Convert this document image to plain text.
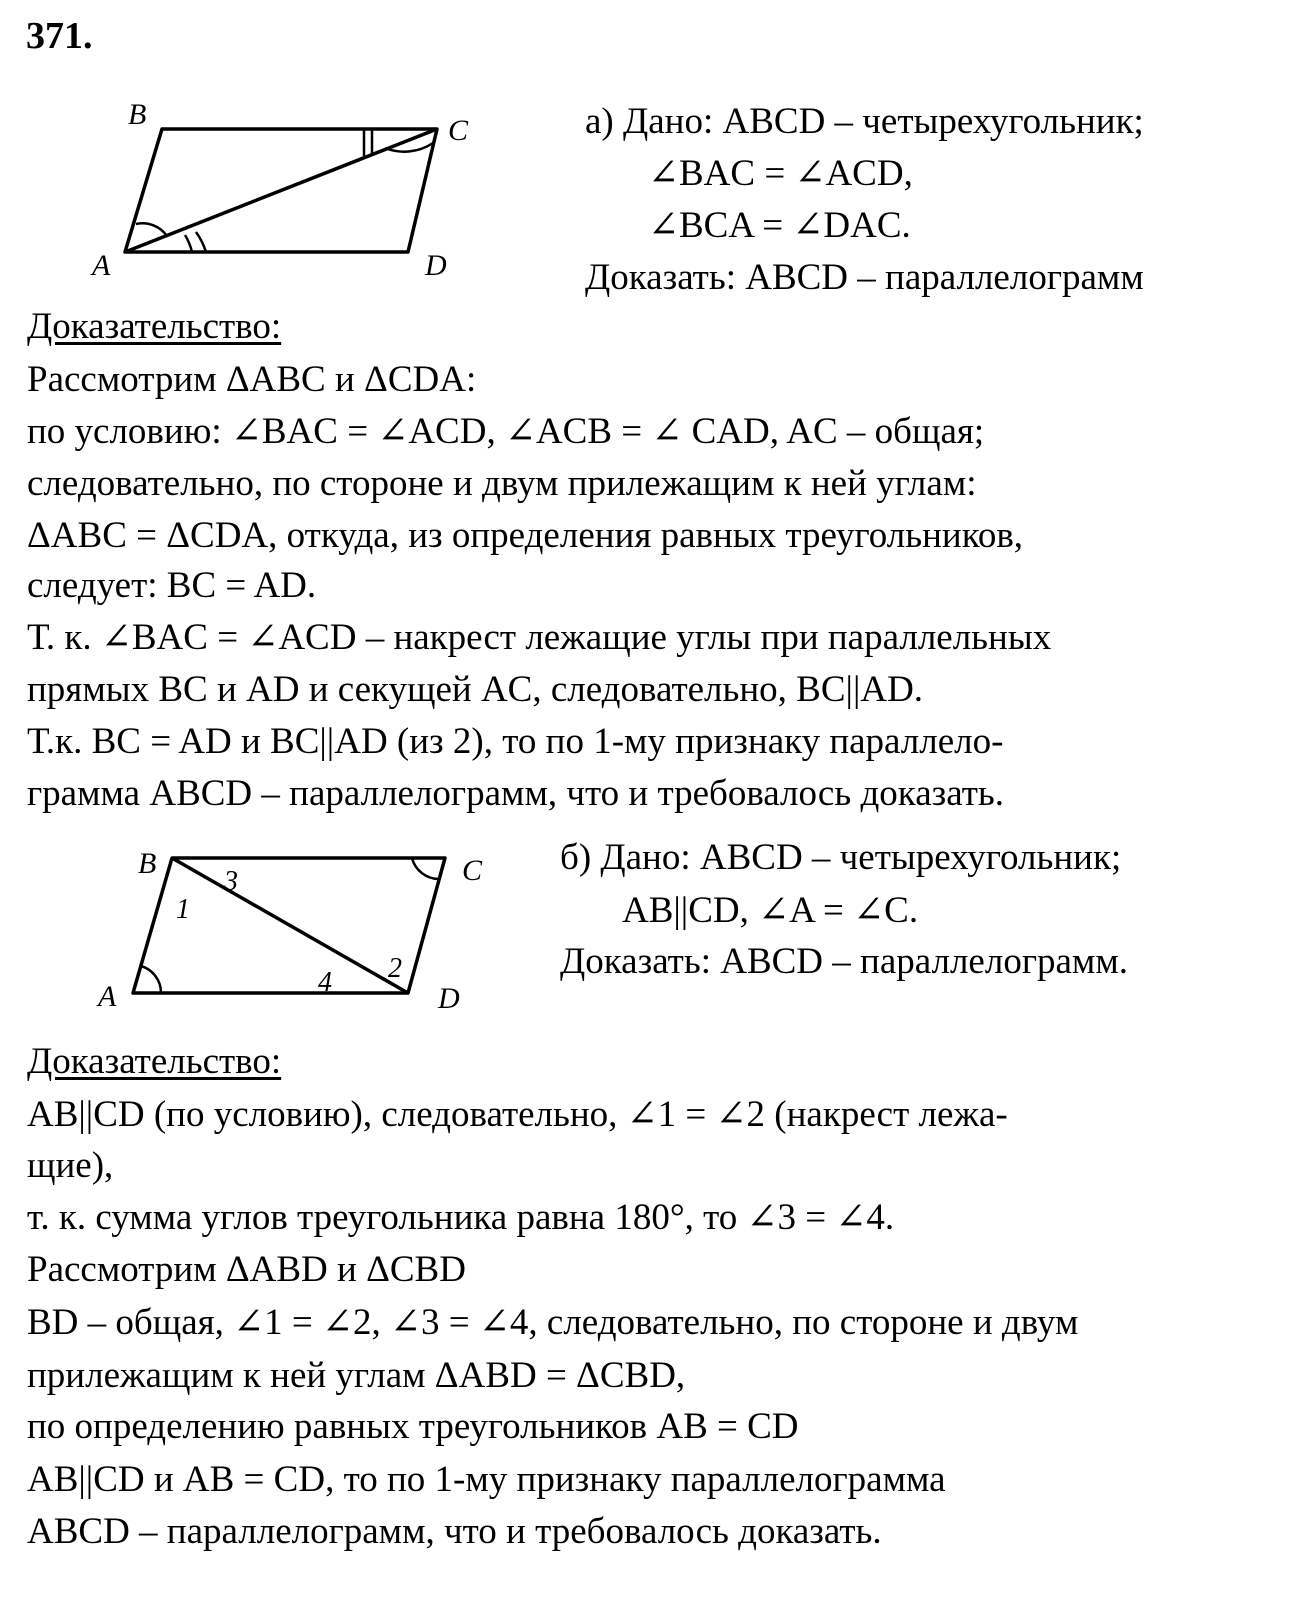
371.
B	C
A	D
а) Дано: ABCD – четырехугольник;
∠BAC = ∠ACD,
∠BCA = ∠DAC.
Доказать: ABCD – параллелограмм
Доказательство:
Рассмотрим ΔABC и ΔCDA:
по условию: ∠BAC = ∠ACD, ∠ACB = ∠ CAD, AC – общая;
следовательно, по стороне и двум прилежащим к ней углам:
ΔABC = ΔCDA, откуда, из определения равных треугольников,
следует: BC = AD.
Т. к. ∠BAC = ∠ACD – накрест лежащие углы при параллельных
прямых BC и AD и секущей AC, следовательно, BC||AD.
Т.к. BC = AD и BC||AD (из 2), то по 1-му признаку параллело-
грамма ABCD – параллелограмм, что и требовалось доказать.
B	C
A	D
1
3
2
4
б) Дано: ABCD – четырехугольник;
AB||CD, ∠A = ∠C.
Доказать: ABCD – параллелограмм.
Доказательство:
AB||CD (по условию), следовательно, ∠1 = ∠2 (накрест лежа-
щие),
т. к. сумма углов треугольника равна 180°, то ∠3 = ∠4.
Рассмотрим ΔABD и ΔCBD
BD – общая, ∠1 = ∠2, ∠3 = ∠4, следовательно, по стороне и двум
прилежащим к ней углам ΔABD = ΔCBD,
по определению равных треугольников AB = CD
AB||CD и AB = CD, то по 1-му признаку параллелограмма
ABCD – параллелограмм, что и требовалось доказать.
